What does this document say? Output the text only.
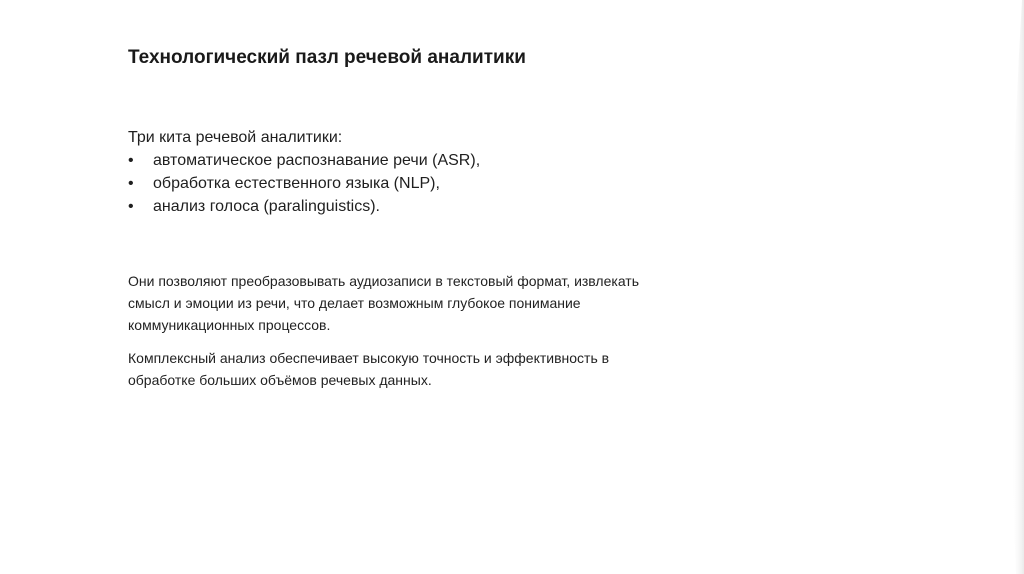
Технологический пазл речевой аналитики
Три кита речевой аналитики:
• автоматическое распознавание речи (ASR),
• обработка естественного языка (NLP),
• анализ голоса (paralinguistics).

Они позволяют преобразовывать аудиозаписи в текстовый формат, извлекать
смысл и эмоции из речи, что делает возможным глубокое понимание
коммуникационных процессов.

Комплексный анализ обеспечивает высокую точность и эффективность в
обработке больших объёмов речевых данных.
